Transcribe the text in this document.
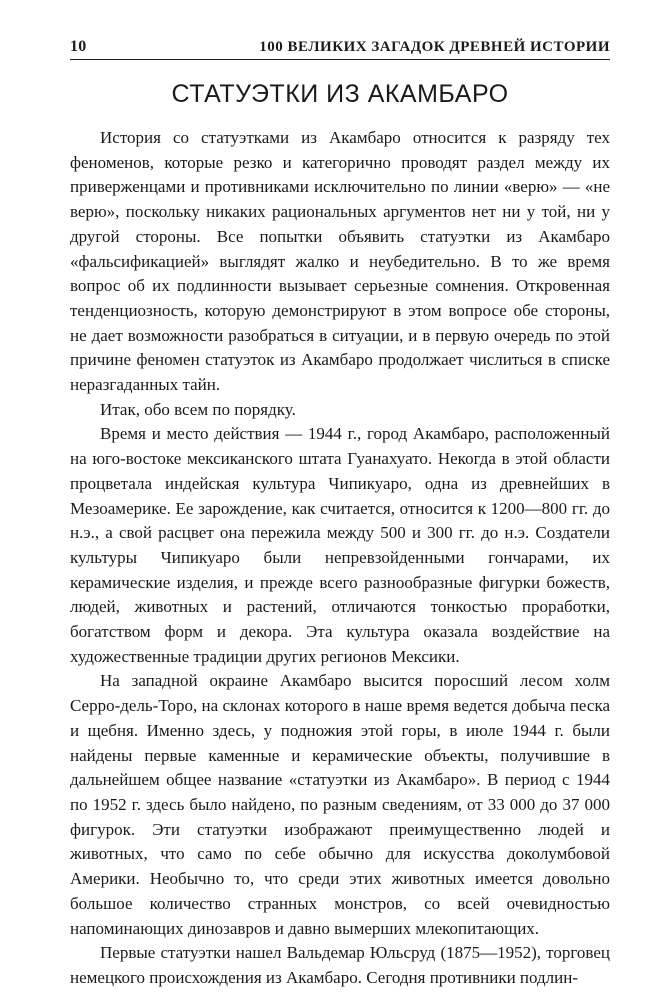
10	100 ВЕЛИКИХ ЗАГАДОК ДРЕВНЕЙ ИСТОРИИ
СТАТУЭТКИ ИЗ АКАМБАРО

История со статуэтками из Акамбаро относится к разряду тех феноменов, которые резко и категорично проводят раздел между их приверженцами и противниками исключительно по линии «верю» — «не верю», поскольку никаких рациональных аргументов нет ни у той, ни у другой стороны. Все попытки объявить статуэтки из Акамбаро «фальсификацией» выглядят жалко и неубедительно. В то же время вопрос об их подлинности вызывает серьезные сомнения. Откровенная тенденциозность, которую демонстрируют в этом вопросе обе стороны, не дает возможности разобраться в ситуации, и в первую очередь по этой причине феномен статуэток из Акамбаро продолжает числиться в списке неразгаданных тайн.

Итак, обо всем по порядку.

Время и место действия — 1944 г., город Акамбаро, расположенный на юго-востоке мексиканского штата Гуанахуато. Некогда в этой области процветала индейская культура Чипикуаро, одна из древнейших в Мезоамерике. Ее зарождение, как считается, относится к 1200—800 гг. до н.э., а свой расцвет она пережила между 500 и 300 гг. до н.э. Создатели культуры Чипикуаро были непревзойденными гончарами, их керамические изделия, и прежде всего разнообразные фигурки божеств, людей, животных и растений, отличаются тонкостью проработки, богатством форм и декора. Эта культура оказала воздействие на художественные традиции других регионов Мексики.

На западной окраине Акамбаро высится поросший лесом холм Серро-дель-Торо, на склонах которого в наше время ведется добыча песка и щебня. Именно здесь, у подножия этой горы, в июле 1944 г. были найдены первые каменные и керамические объекты, получившие в дальнейшем общее название «статуэтки из Акамбаро». В период с 1944 по 1952 г. здесь было найдено, по разным сведениям, от 33 000 до 37 000 фигурок. Эти статуэтки изображают преимущественно людей и животных, что само по себе обычно для искусства доколумбовой Америки. Необычно то, что среди этих животных имеется довольно большое количество странных монстров, со всей очевидностью напоминающих динозавров и давно вымерших млекопитающих.

Первые статуэтки нашел Вальдемар Юльсруд (1875—1952), торговец немецкого происхождения из Акамбаро. Сегодня противники подлин-
